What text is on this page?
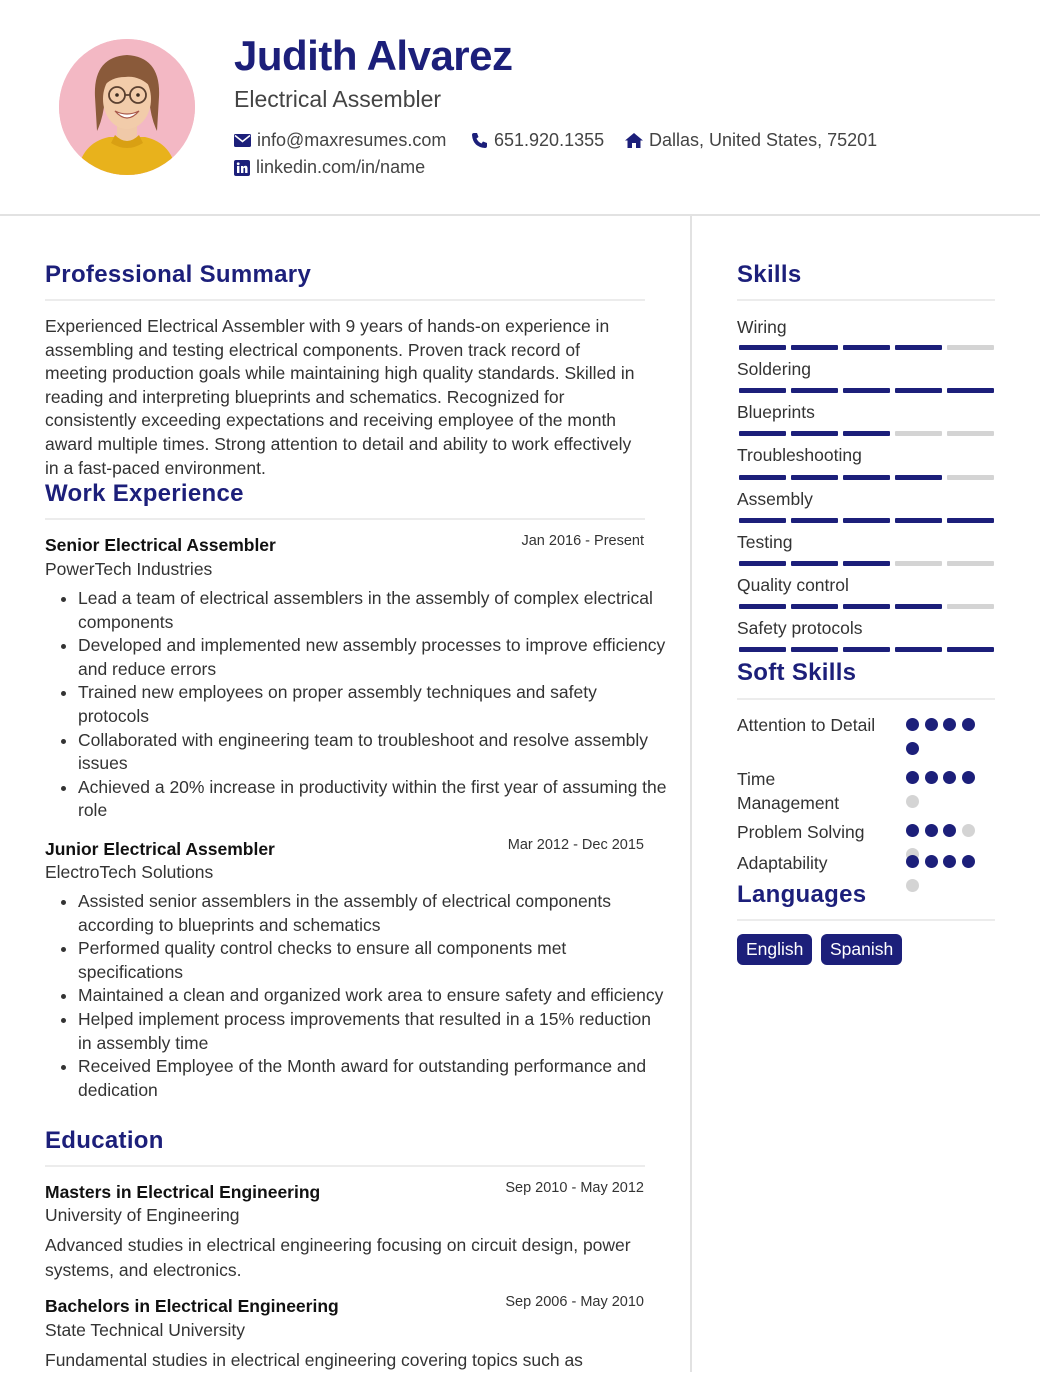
Judith Alvarez
Electrical Assembler
info@maxresumes.com	651.920.1355 Dallas, United States, 75201
linkedin.com/in/name
Professional Summary
Experienced Electrical Assembler with 9 years of hands-on experience in assembling and testing electrical components. Proven track record of meeting production goals while maintaining high quality standards. Skilled in reading and interpreting blueprints and schematics. Recognized for consistently exceeding expectations and receiving employee of the month award multiple times. Strong attention to detail and ability to work effectively in a fast-paced environment.
Work Experience
Senior Electrical Assembler	Jan 2016 - Present
PowerTech Industries
• Lead a team of electrical assemblers in the assembly of complex electrical components
• Developed and implemented new assembly processes to improve efficiency and reduce errors
• Trained new employees on proper assembly techniques and safety protocols
• Collaborated with engineering team to troubleshoot and resolve assembly issues
• Achieved a 20% increase in productivity within the first year of assuming the role
Junior Electrical Assembler	Mar 2012 - Dec 2015
ElectroTech Solutions
• Assisted senior assemblers in the assembly of electrical components according to blueprints and schematics
• Performed quality control checks to ensure all components met specifications
• Maintained a clean and organized work area to ensure safety and efficiency
• Helped implement process improvements that resulted in a 15% reduction in assembly time
• Received Employee of the Month award for outstanding performance and dedication
Education
Masters in Electrical Engineering	Sep 2010 - May 2012
University of Engineering
Advanced studies in electrical engineering focusing on circuit design, power systems, and electronics.
Bachelors in Electrical Engineering	Sep 2006 - May 2010
State Technical University
Fundamental studies in electrical engineering covering topics such as
Skills
Wiring
Soldering
Blueprints
Troubleshooting
Assembly
Testing
Quality control
Safety protocols
Soft Skills
Attention to Detail
Time Management
Problem Solving
Adaptability
Languages
English	Spanish
